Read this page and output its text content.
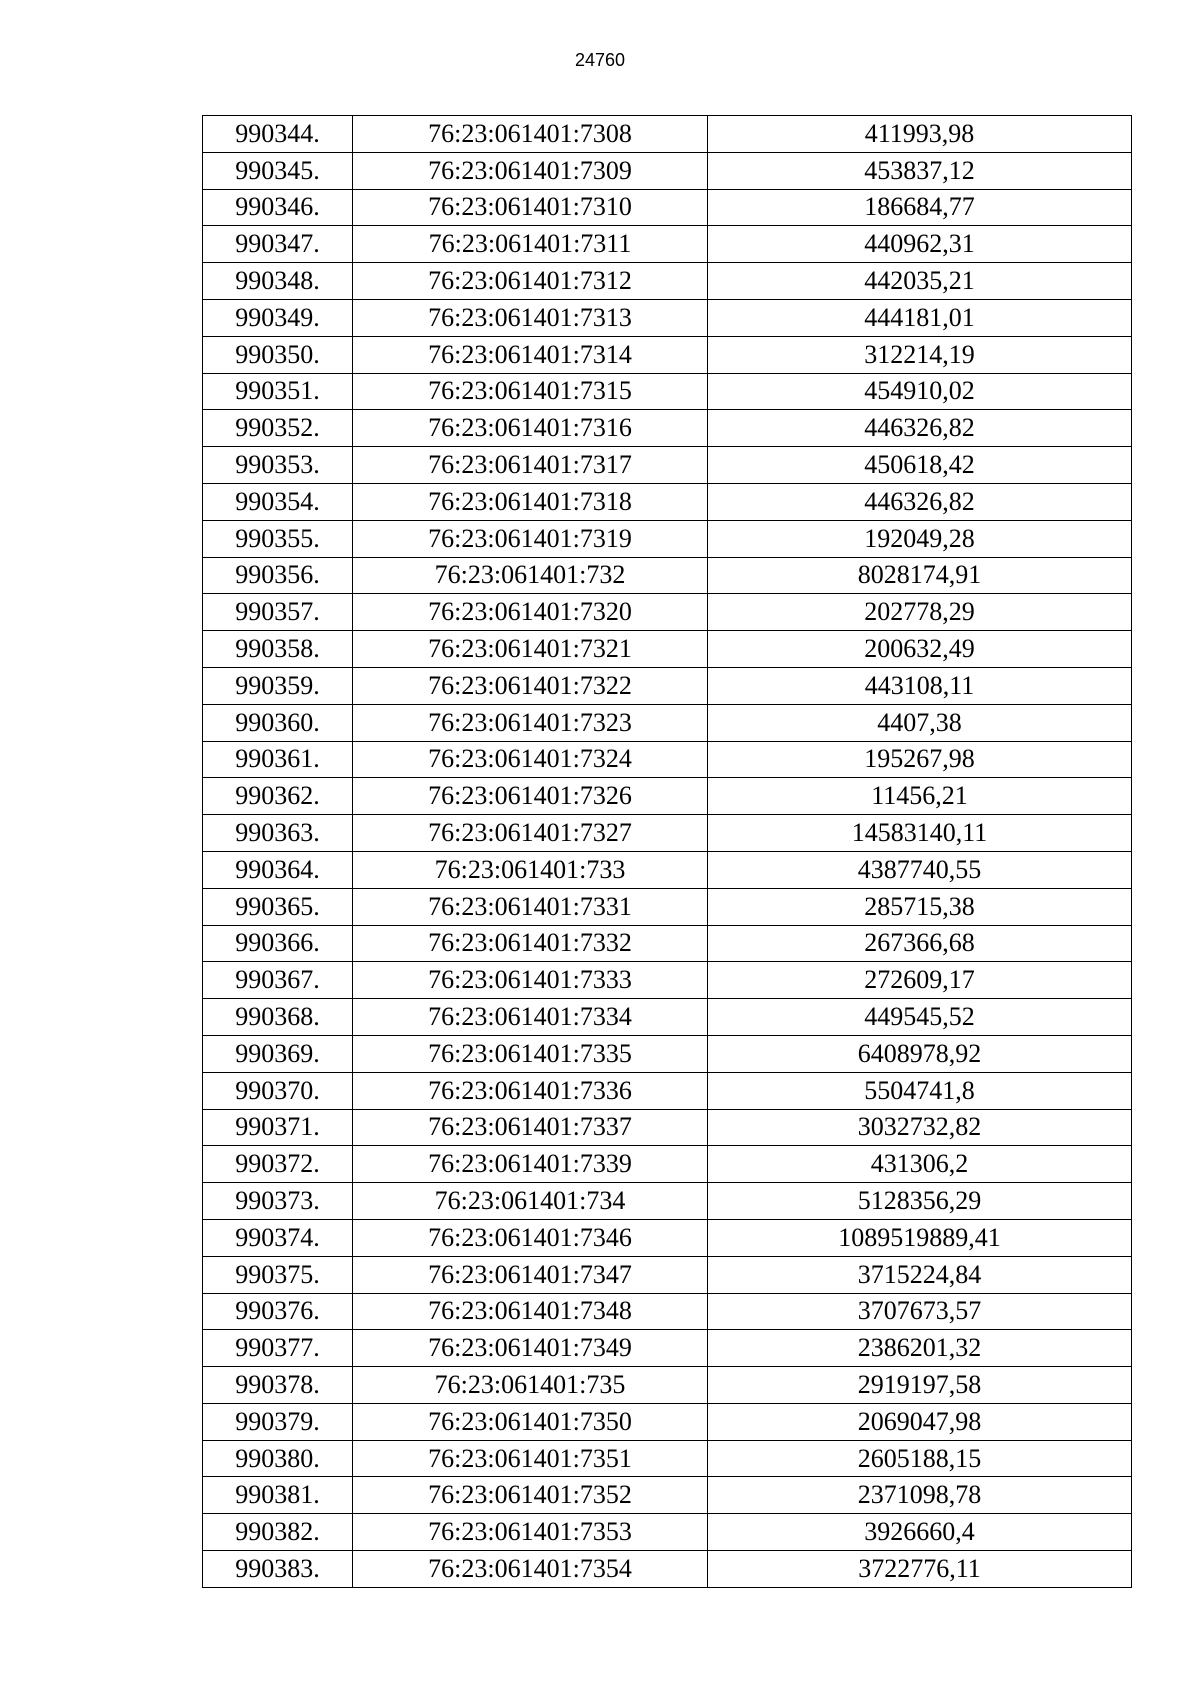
24760
990344.	76:23:061401:7308	411993,98
990345.	76:23:061401:7309	453837,12
990346.	76:23:061401:7310	186684,77
990347.	76:23:061401:7311	440962,31
990348.	76:23:061401:7312	442035,21
990349.	76:23:061401:7313	444181,01
990350.	76:23:061401:7314	312214,19
990351.	76:23:061401:7315	454910,02
990352.	76:23:061401:7316	446326,82
990353.	76:23:061401:7317	450618,42
990354.	76:23:061401:7318	446326,82
990355.	76:23:061401:7319	192049,28
990356.	76:23:061401:732	8028174,91
990357.	76:23:061401:7320	202778,29
990358.	76:23:061401:7321	200632,49
990359.	76:23:061401:7322	443108,11
990360.	76:23:061401:7323	4407,38
990361.	76:23:061401:7324	195267,98
990362.	76:23:061401:7326	11456,21
990363.	76:23:061401:7327	14583140,11
990364.	76:23:061401:733	4387740,55
990365.	76:23:061401:7331	285715,38
990366.	76:23:061401:7332	267366,68
990367.	76:23:061401:7333	272609,17
990368.	76:23:061401:7334	449545,52
990369.	76:23:061401:7335	6408978,92
990370.	76:23:061401:7336	5504741,8
990371.	76:23:061401:7337	3032732,82
990372.	76:23:061401:7339	431306,2
990373.	76:23:061401:734	5128356,29
990374.	76:23:061401:7346	1089519889,41
990375.	76:23:061401:7347	3715224,84
990376.	76:23:061401:7348	3707673,57
990377.	76:23:061401:7349	2386201,32
990378.	76:23:061401:735	2919197,58
990379.	76:23:061401:7350	2069047,98
990380.	76:23:061401:7351	2605188,15
990381.	76:23:061401:7352	2371098,78
990382.	76:23:061401:7353	3926660,4
990383.	76:23:061401:7354	3722776,11
